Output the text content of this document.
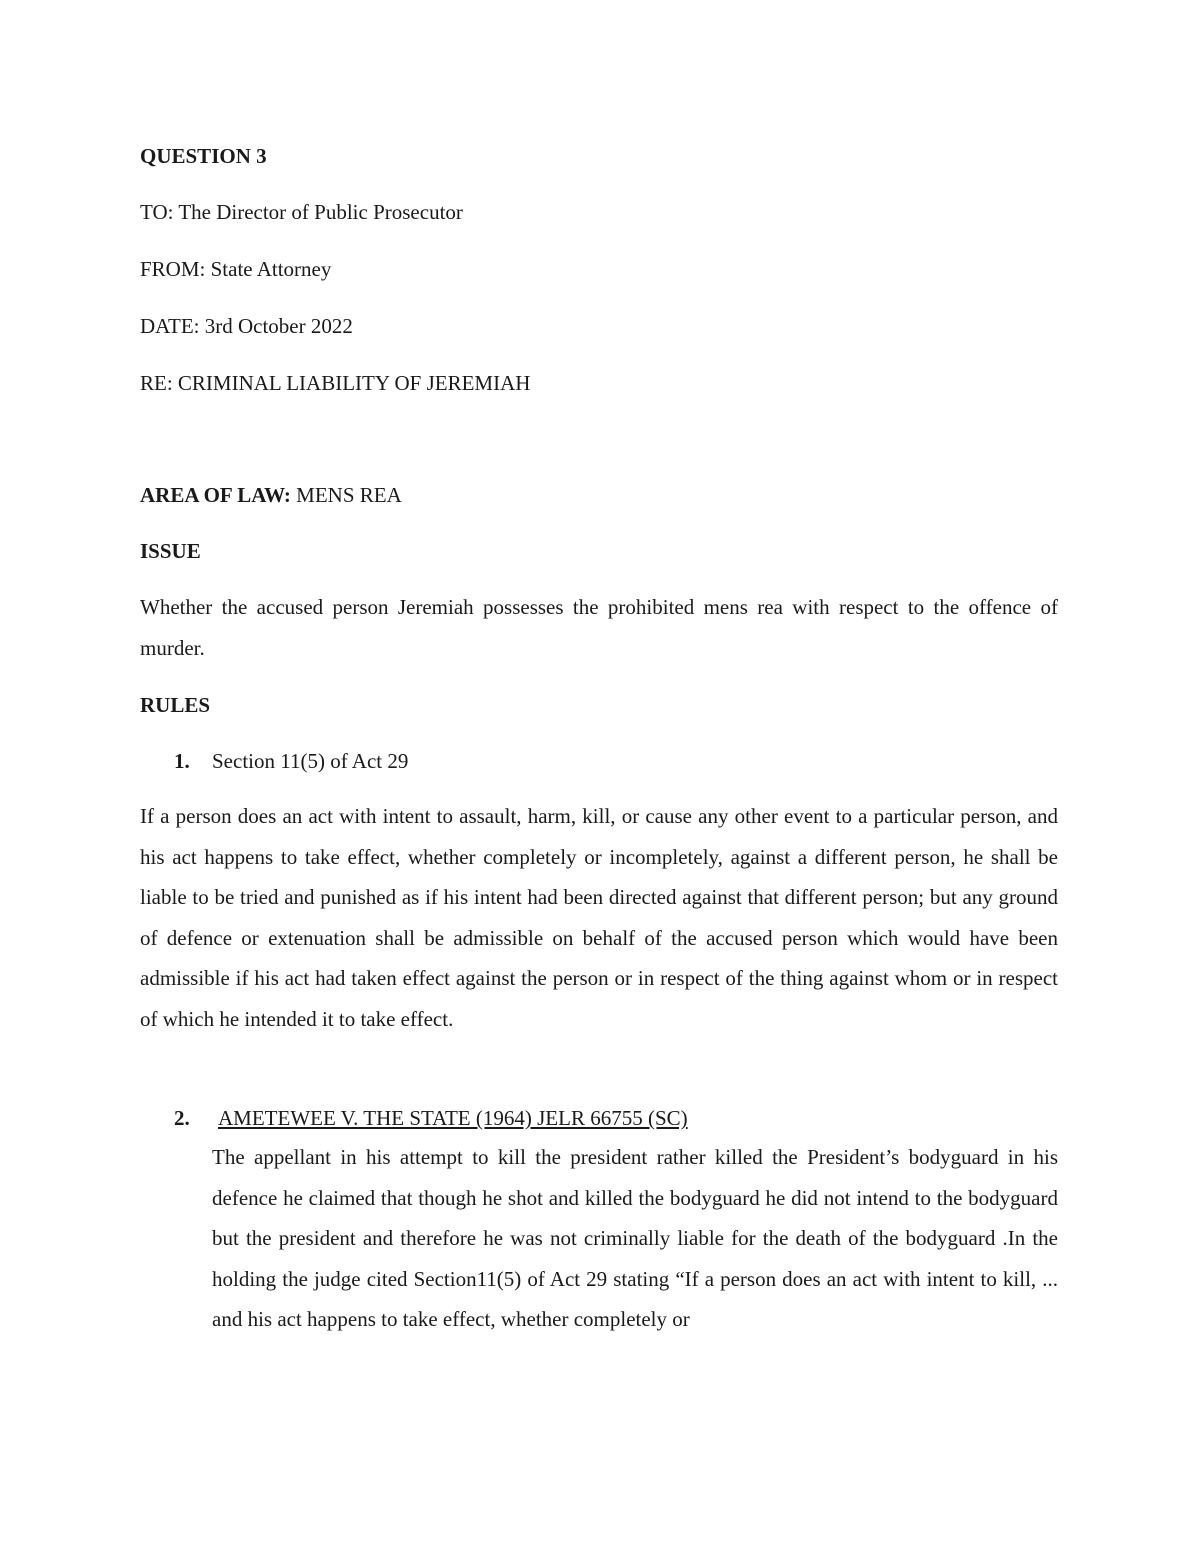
QUESTION 3
TO: The Director of Public Prosecutor
FROM: State Attorney
DATE: 3rd October 2022
RE: CRIMINAL LIABILITY OF JEREMIAH
AREA OF LAW: MENS REA
ISSUE

Whether the accused person Jeremiah possesses the prohibited mens rea with respect to the offence of murder.

RULES
1. Section 11(5) of Act 29

If a person does an act with intent to assault, harm, kill, or cause any other event to a particular person, and his act happens to take effect, whether completely or incompletely, against a different person, he shall be liable to be tried and punished as if his intent had been directed against that different person; but any ground of defence or extenuation shall be admissible on behalf of the accused person which would have been admissible if his act had taken effect against the person or in respect of the thing against whom or in respect of which he intended it to take effect.

2. AMETEWEE V. THE STATE (1964) JELR 66755 (SC)

The appellant in his attempt to kill the president rather killed the President’s bodyguard in his defence he claimed that though he shot and killed the bodyguard he did not intend to the bodyguard but the president and therefore he was not criminally liable for the death of the bodyguard .In the holding the judge cited Section11(5) of Act 29 stating “If a person does an act with intent to kill, ... and his act happens to take effect, whether completely or
